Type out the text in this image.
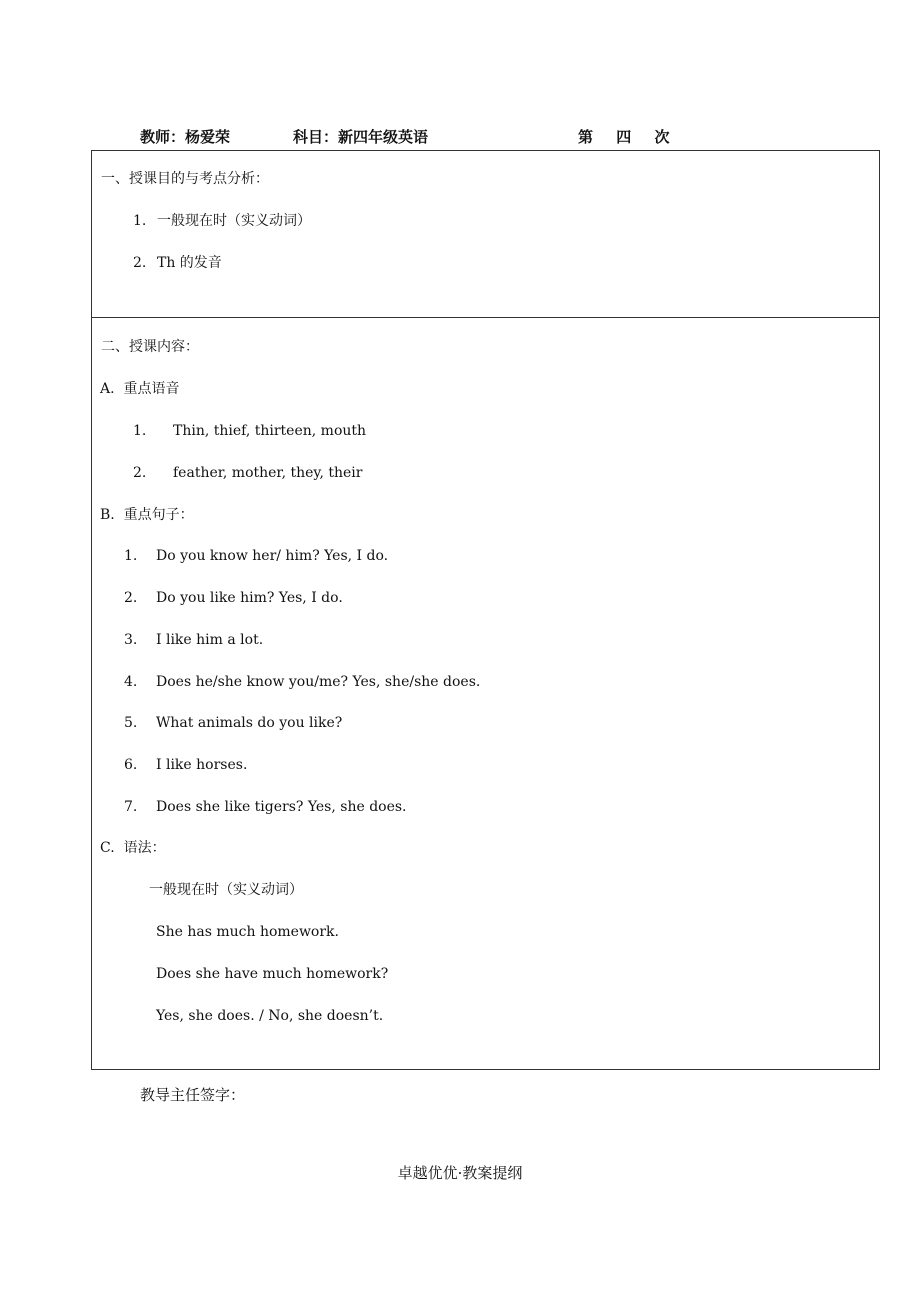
教师：杨爱荣	科目：新四年级英语	第 四 次
一、授课目的与考点分析：
1. 一般现在时（实义动词）
2. Th 的发音
二、授课内容：
A.  重点语音
1. Thin, thief, thirteen, mouth
2. feather, mother, they, their
B.  重点句子：
1. Do you know her/ him? Yes, I do.
2. Do you like him? Yes, I do.
3. I like him a lot.
4. Does he/she know you/me? Yes, she/she does.
5. What animals do you like?
6. I like horses.
7. Does she like tigers? Yes, she does.
C.  语法：
一般现在时（实义动词）
She has much homework.
Does she have much homework?
Yes, she does. / No, she doesn’t.
教导主任签字：
卓越优优·教案提纲
